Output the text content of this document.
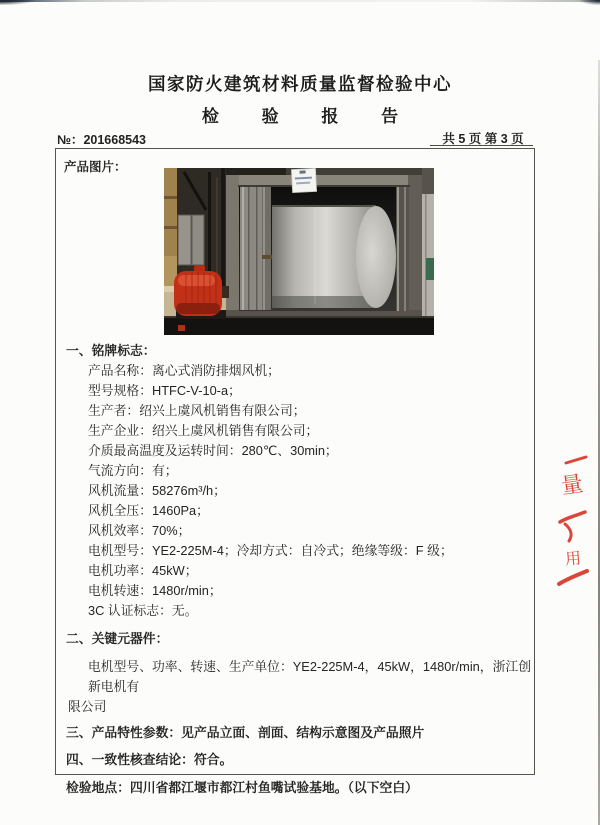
国家防火建筑材料质量监督检验中心
检 验 报 告
№：201668543	共 5 页 第 3 页
产品图片：
一、铭牌标志：
产品名称：离心式消防排烟风机；
型号规格：HTFC-V-10-a；
生产者：绍兴上虞风机销售有限公司；
生产企业：绍兴上虞风机销售有限公司；
介质最高温度及运转时间：280℃、30min；
气流方向：有；
风机流量：58276m³/h；
风机全压：1460Pa；
风机效率：70%；
电机型号：YE2-225M-4；冷却方式：自冷式；绝缘等级：F 级；
电机功率：45kW；
电机转速：1480r/min；
3C 认证标志：无。
二、关键元器件：
电机型号、功率、转速、生产单位：YE2-225M-4，45kW，1480r/min，浙江创新电机有
限公司
三、产品特性参数：见产品立面、剖面、结构示意图及产品照片
四、一致性核查结论：符合。
检验地点：四川省都江堰市都江村鱼嘴试验基地。（以下空白）
量
用
